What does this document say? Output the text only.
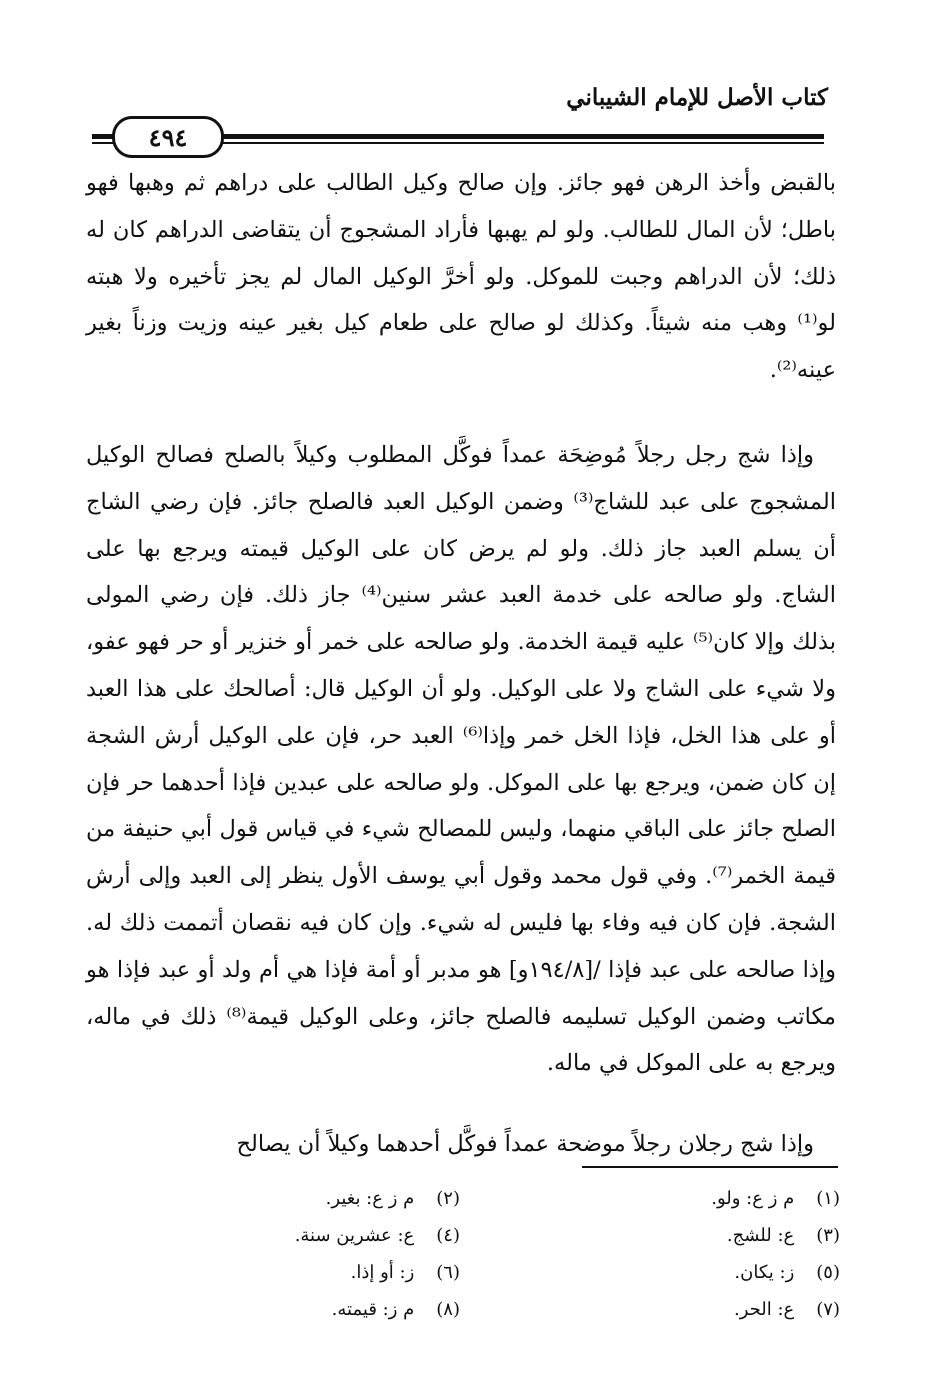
كتاب الأصل للإمام الشيباني
٤٩٤

بالقبض وأخذ الرهن فهو جائز. وإن صالح وكيل الطالب على دراهم ثم وهبها فهو باطل؛ لأن المال للطالب. ولو لم يهبها فأراد المشجوج أن يتقاضى الدراهم كان له ذلك؛ لأن الدراهم وجبت للموكل. ولو أخرَّ الوكيل المال لم يجز تأخيره ولا هبته لو⁽¹⁾ وهب منه شيئاً. وكذلك لو صالح على طعام كيل بغير عينه وزيت وزناً بغير عينه⁽²⁾.

وإذا شج رجل رجلاً مُوضِحَة عمداً فوكَّل المطلوب وكيلاً بالصلح فصالح الوكيل المشجوج على عبد للشاج⁽³⁾ وضمن الوكيل العبد فالصلح جائز. فإن رضي الشاج أن يسلم العبد جاز ذلك. ولو لم يرض كان على الوكيل قيمته ويرجع بها على الشاج. ولو صالحه على خدمة العبد عشر سنين⁽⁴⁾ جاز ذلك. فإن رضي المولى بذلك وإلا كان⁽⁵⁾ عليه قيمة الخدمة. ولو صالحه على خمر أو خنزير أو حر فهو عفو، ولا شيء على الشاج ولا على الوكيل. ولو أن الوكيل قال: أصالحك على هذا العبد أو على هذا الخل، فإذا الخل خمر وإذا⁽⁶⁾ العبد حر، فإن على الوكيل أرش الشجة إن كان ضمن، ويرجع بها على الموكل. ولو صالحه على عبدين فإذا أحدهما حر فإن الصلح جائز على الباقي منهما، وليس للمصالح شيء في قياس قول أبي حنيفة من قيمة الخمر⁽⁷⁾. وفي قول محمد وقول أبي يوسف الأول ينظر إلى العبد وإلى أرش الشجة. فإن كان فيه وفاء بها فليس له شيء. وإن كان فيه نقصان أتممت ذلك له. وإذا صالحه على عبد فإذا /[١٩٤/٨و] هو مدبر أو أمة فإذا هي أم ولد أو عبد فإذا هو مكاتب وضمن الوكيل تسليمه فالصلح جائز، وعلى الوكيل قيمة⁽⁸⁾ ذلك في ماله، ويرجع به على الموكل في ماله.

وإذا شج رجلان رجلاً موضحة عمداً فوكَّل أحدهما وكيلاً أن يصالح

(١) م ز ع: ولو.
(٣) ع: للشج.
(٥) ز: يكان.
(٧) ع: الحر.
(٢) م ز ع: بغير.
(٤) ع: عشرين سنة.
(٦) ز: أو إذا.
(٨) م ز: قيمته.
